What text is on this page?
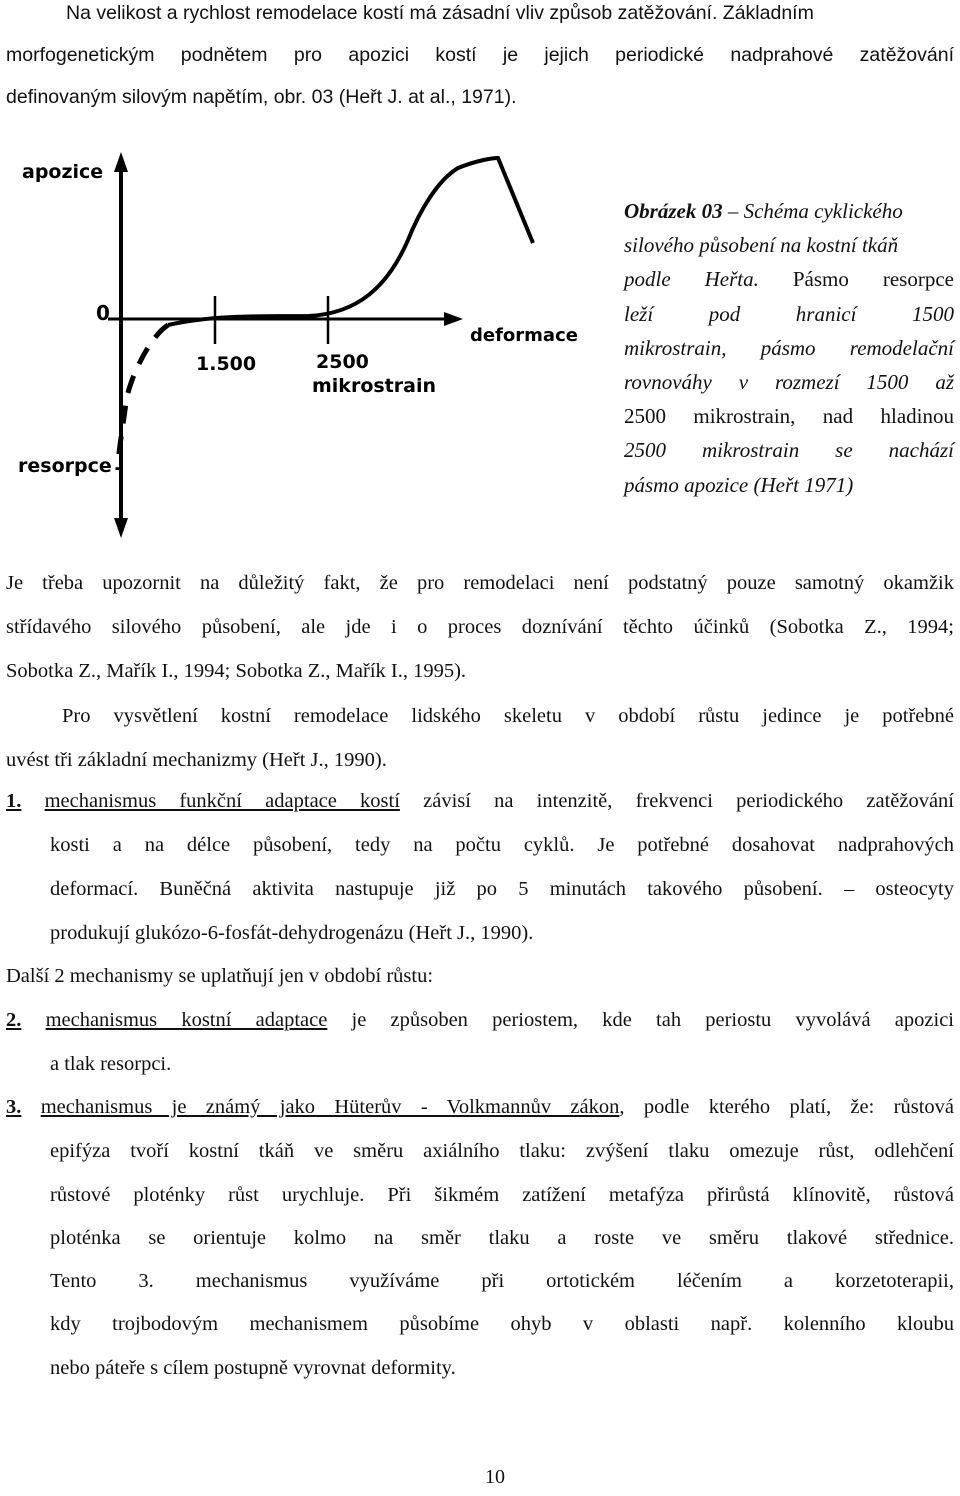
Na velikost a rychlost remodelace kostí má zásadní vliv způsob zatěžování. Základním
morfogenetickým podnětem pro apozici kostí je jejich periodické nadprahové zatěžování
definovaným silovým napětím, obr. 03 (Heřt J. at al., 1971).
apozice
0
resorpce
deformace
1.500	2500
mikrostrain
Obrázek 03 – Schéma cyklického
silového působení na kostní tkáň
podle Heřta. Pásmo resorpce
leží pod hranicí 1500
mikrostrain, pásmo remodelační
rovnováhy v rozmezí 1500 až
2500 mikrostrain, nad hladinou
2500 mikrostrain se nachází
pásmo apozice (Heřt 1971)
Je třeba upozornit na důležitý fakt, že pro remodelaci není podstatný pouze samotný okamžik
střídavého silového působení, ale jde i o proces doznívání těchto účinků (Sobotka Z., 1994;
Sobotka Z., Mařík I., 1994; Sobotka Z., Mařík I., 1995).
Pro vysvětlení kostní remodelace lidského skeletu v období růstu jedince je potřebné
uvést tři základní mechanizmy (Heřt J., 1990).
1. mechanismus funkční adaptace kostí závisí na intenzitě, frekvenci periodického zatěžování
kosti a na délce působení, tedy na počtu cyklů. Je potřebné dosahovat nadprahových
deformací. Buněčná aktivita nastupuje již po 5 minutách takového působení. – osteocyty
produkují glukózo-6-fosfát-dehydrogenázu (Heřt J., 1990).
Další 2 mechanismy se uplatňují jen v období růstu:
2. mechanismus kostní adaptace je způsoben periostem, kde tah periostu vyvolává apozici
a tlak resorpci.
3. mechanismus je známý jako Hüterův - Volkmannův zákon, podle kterého platí, že: růstová
epifýza tvoří kostní tkáň ve směru axiálního tlaku: zvýšení tlaku omezuje růst, odlehčení
růstové ploténky růst urychluje. Při šikmém zatížení metafýza přirůstá klínovitě, růstová
ploténka se orientuje kolmo na směr tlaku a roste ve směru tlakové střednice.
Tento 3. mechanismus využíváme při ortotickém léčením a korzetoterapii,
kdy trojbodovým mechanismem působíme ohyb v oblasti např. kolenního kloubu
nebo páteře s cílem postupně vyrovnat deformity.
10
